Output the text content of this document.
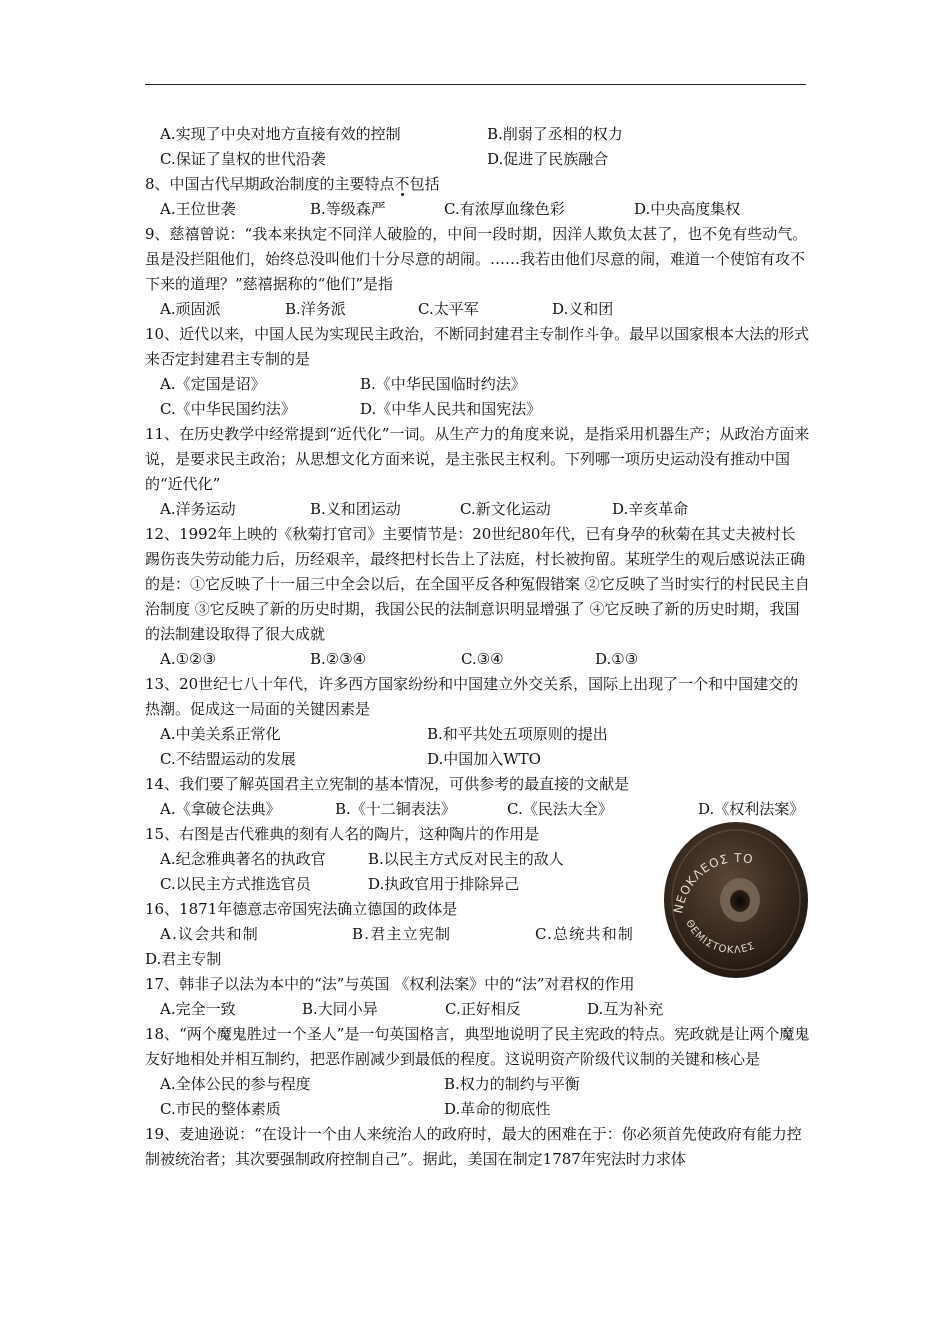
A.实现了中央对地方直接有效的控制	B.削弱了丞相的权力
C.保证了皇权的世代沿袭	D.促进了民族融合
8、中国古代早期政治制度的主要特点不包括
A.王位世袭	B.等级森严	C.有浓厚血缘色彩	D.中央高度集权
9、慈禧曾说：“我本来执定不同洋人破脸的，中间一段时期，因洋人欺负太甚了，也不免有些动气。虽是没拦阻他们，始终总没叫他们十分尽意的胡闹。……我若由他们尽意的闹，难道一个使馆有攻不下来的道理？”慈禧据称的“他们”是指
A.顽固派	B.洋务派	C.太平军	D.义和团
10、近代以来，中国人民为实现民主政治，不断同封建君主专制作斗争。最早以国家根本大法的形式来否定封建君主专制的是
A.《定国是诏》	B.《中华民国临时约法》
C.《中华民国约法》	D.《中华人民共和国宪法》
11、在历史教学中经常提到“近代化”一词。从生产力的角度来说，是指采用机器生产；从政治方面来说，是要求民主政治；从思想文化方面来说，是主张民主权利。下列哪一项历史运动没有推动中国的“近代化”
A.洋务运动	B.义和团运动	C.新文化运动	D.辛亥革命
12、1992年上映的《秋菊打官司》主要情节是：20世纪80年代，已有身孕的秋菊在其丈夫被村长踢伤丧失劳动能力后，历经艰辛，最终把村长告上了法庭，村长被拘留。某班学生的观后感说法正确的是：①它反映了十一届三中全会以后，在全国平反各种冤假错案 ②它反映了当时实行的村民民主自治制度 ③它反映了新的历史时期，我国公民的法制意识明显增强了 ④它反映了新的历史时期，我国的法制建设取得了很大成就
A.①②③	B.②③④	C.③④	D.①③
13、20世纪七八十年代，许多西方国家纷纷和中国建立外交关系，国际上出现了一个和中国建交的热潮。促成这一局面的关键因素是
A.中美关系正常化	B.和平共处五项原则的提出
C.不结盟运动的发展	D.中国加入WTO
14、我们要了解英国君主立宪制的基本情况，可供参考的最直接的文献是
A.《拿破仑法典》	B.《十二铜表法》	C.《民法大全》	D.《权利法案》
15、右图是古代雅典的刻有人名的陶片，这种陶片的作用是
A.纪念雅典著名的执政官	B.以民主方式反对民主的敌人
C.以民主方式推选官员	D.执政官用于排除异己
16、1871年德意志帝国宪法确立德国的政体是
A.议会共和制	B.君主立宪制	C.总统共和制
D.君主专制
17、韩非子以法为本中的“法”与英国 《权利法案》中的“法”对君权的作用
A.完全一致	B.大同小异	C.正好相反	D.互为补充
18、“两个魔鬼胜过一个圣人”是一句英国格言，典型地说明了民主宪政的特点。宪政就是让两个魔鬼友好地相处并相互制约，把恶作剧减少到最低的程度。这说明资产阶级代议制的关键和核心是
A.全体公民的参与程度	B.权力的制约与平衡
C.市民的整体素质	D.革命的彻底性
19、麦迪逊说：“在设计一个由人来统治人的政府时，最大的困难在于：你必须首先使政府有能力控制被统治者；其次要强制政府控制自己”。据此，美国在制定1787年宪法时力求体
NEOKΛEOΣ ΤΟ
ΘΕΜΙΣΤΟΚΛΕΣ
